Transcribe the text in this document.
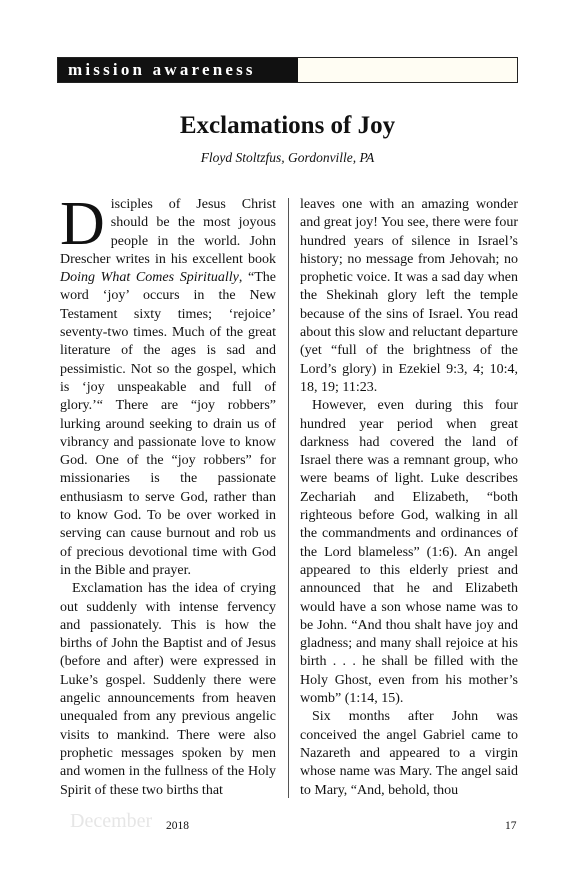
mission awareness
Exclamations of Joy

Floyd Stoltzfus, Gordonville, PA

Disciples of Jesus Christ should be the most joyous people in the world. John Drescher writes in his excellent book Doing What Comes Spiritually, “The word ‘joy’ occurs in the New Testament sixty times; ‘rejoice’ seventy-two times. Much of the great literature of the ages is sad and pessimistic. Not so the gospel, which is ‘joy unspeakable and full of glory.’“ There are “joy robbers” lurking around seeking to drain us of vibrancy and passionate love to know God. One of the “joy robbers” for missionaries is the passionate enthusiasm to serve God, rather than to know God. To be over worked in serving can cause burnout and rob us of precious devotional time with God in the Bible and prayer.

Exclamation has the idea of crying out suddenly with intense fervency and passionately. This is how the births of John the Baptist and of Jesus (before and after) were expressed in Luke’s gospel. Suddenly there were angelic announcements from heaven unequaled from any previous angelic visits to mankind. There were also prophetic messages spoken by men and women in the fullness of the Holy Spirit of these two births that

leaves one with an amazing wonder and great joy! You see, there were four hundred years of silence in Israel’s history; no message from Jehovah; no prophetic voice. It was a sad day when the Shekinah glory left the temple because of the sins of Israel. You read about this slow and reluctant departure (yet “full of the brightness of the Lord’s glory) in Ezekiel 9:3, 4; 10:4, 18, 19; 11:23.

However, even during this four hundred year period when great darkness had covered the land of Israel there was a remnant group, who were beams of light. Luke describes Zechariah and Elizabeth, “both righteous before God, walking in all the commandments and ordinances of the Lord blameless” (1:6). An angel appeared to this elderly priest and announced that he and Elizabeth would have a son whose name was to be John. “And thou shalt have joy and gladness; and many shall rejoice at his birth . . . he shall be filled with the Holy Ghost, even from his mother’s womb” (1:14, 15).

Six months after John was conceived the angel Gabriel came to Nazareth and appeared to a virgin whose name was Mary. The angel said to Mary, “And, behold, thou

December 2018	17
